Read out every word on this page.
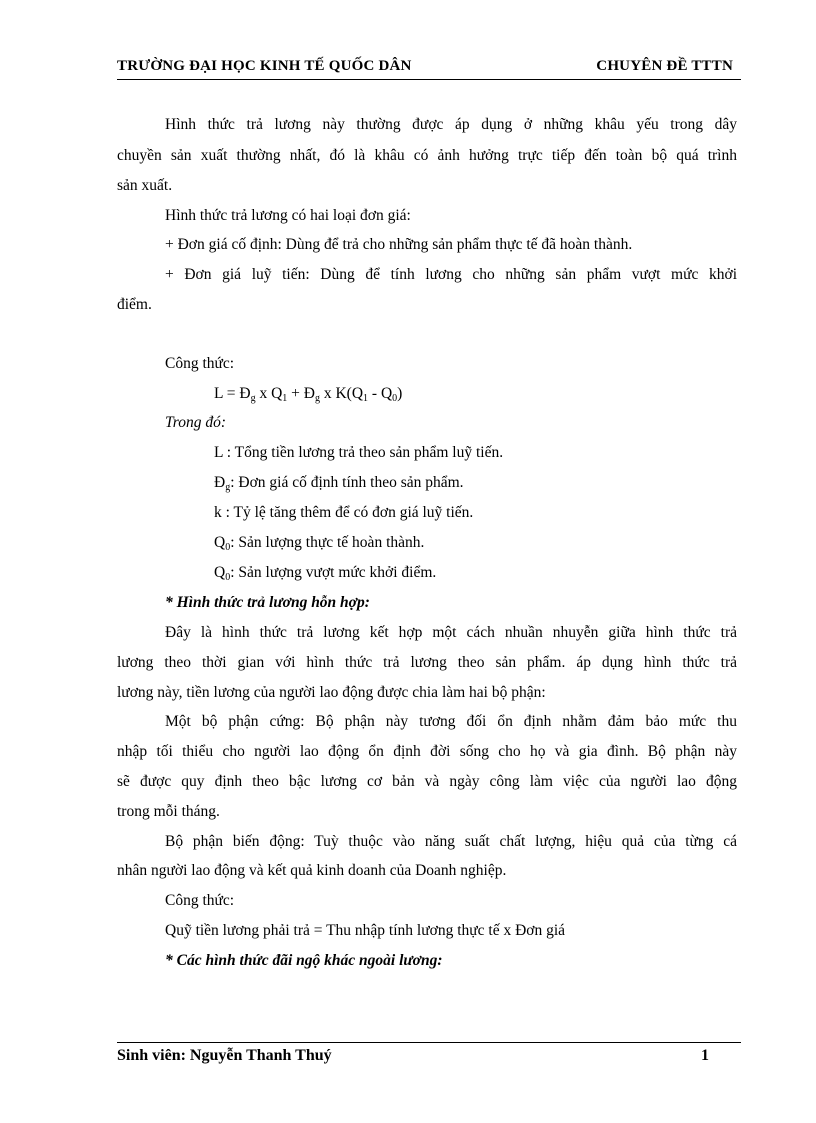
TRƯỜNG ĐẠI HỌC KINH TẾ QUỐC DÂN	CHUYÊN ĐỀ TTTN
Hình thức trả lương này thường được áp dụng ở những khâu yếu trong dây
chuyền sản xuất thường nhất, đó là khâu có ảnh hưởng trực tiếp đến toàn bộ quá trình
sản xuất.
Hình thức trả lương có hai loại đơn giá:
+ Đơn giá cố định: Dùng để trả cho những sản phẩm thực tế đã hoàn thành.
+ Đơn giá luỹ tiến: Dùng để tính lương cho những sản phẩm vượt mức khởi
điểm.
Công thức:
$L = Đ_g$ x $Q_1$ + $Đ_g$ x $K(Q_1 - Q_0)$
Trong đó:
L : Tổng tiền lương trả theo sản phẩm luỹ tiến.
$Đ_g$: Đơn giá cố định tính theo sản phẩm.
k : Tỷ lệ tăng thêm để có đơn giá luỹ tiến.
$Q_0$: Sản lượng thực tế hoàn thành.
$Q_0$: Sản lượng vượt mức khởi điểm.
* Hình thức trả lương hỗn hợp:
Đây là hình thức trả lương kết hợp một cách nhuần nhuyễn giữa hình thức trả
lương theo thời gian với hình thức trả lương theo sản phẩm. áp dụng hình thức trả
lương này, tiền lương của người lao động được chia làm hai bộ phận:
Một bộ phận cứng: Bộ phận này tương đối ổn định nhằm đảm bảo mức thu
nhập tối thiểu cho người lao động ổn định đời sống cho họ và gia đình. Bộ phận này
sẽ được quy định theo bậc lương cơ bản và ngày công làm việc của người lao động
trong mỗi tháng.
Bộ phận biến động: Tuỳ thuộc vào năng suất chất lượng, hiệu quả của từng cá
nhân người lao động và kết quả kinh doanh của Doanh nghiệp.
Công thức:
Quỹ tiền lương phải trả = Thu nhập tính lương thực tế x Đơn giá
* Các hình thức đãi ngộ khác ngoài lương:
Sinh viên: Nguyễn Thanh Thuý	1
